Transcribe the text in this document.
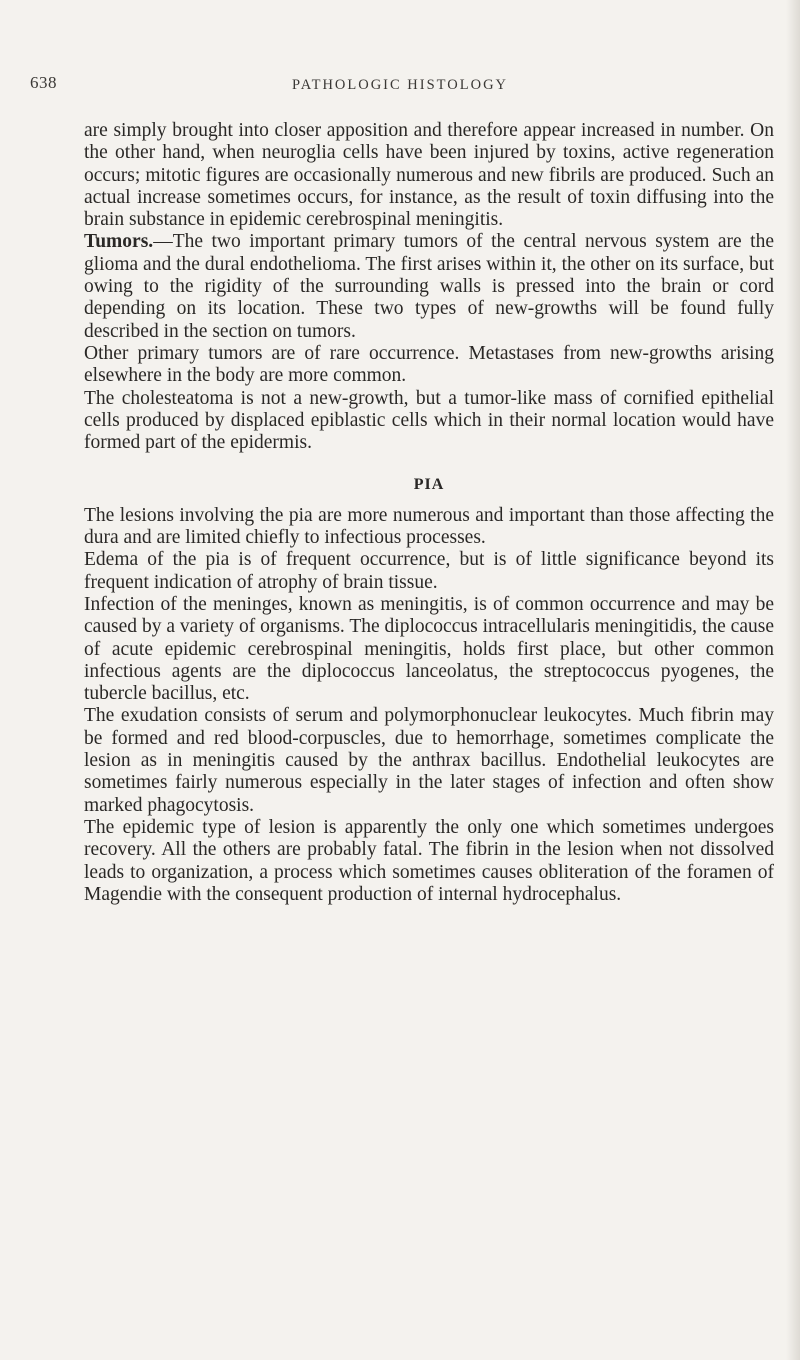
638	PATHOLOGIC HISTOLOGY

are simply brought into closer apposition and therefore appear increased in number. On the other hand, when neuroglia cells have been injured by toxins, active regeneration occurs; mitotic figures are occasionally numerous and new fibrils are produced. Such an actual increase sometimes occurs, for instance, as the result of toxin diffusing into the brain substance in epidemic cerebrospinal meningitis.

Tumors.—The two important primary tumors of the central nervous system are the glioma and the dural endothelioma. The first arises within it, the other on its surface, but owing to the rigidity of the surrounding walls is pressed into the brain or cord depending on its location. These two types of new-growths will be found fully described in the section on tumors.

Other primary tumors are of rare occurrence. Metastases from new-growths arising elsewhere in the body are more common.

The cholesteatoma is not a new-growth, but a tumor-like mass of cornified epithelial cells produced by displaced epiblastic cells which in their normal location would have formed part of the epidermis.

PIA

The lesions involving the pia are more numerous and important than those affecting the dura and are limited chiefly to infectious processes.

Edema of the pia is of frequent occurrence, but is of little significance beyond its frequent indication of atrophy of brain tissue.

Infection of the meninges, known as meningitis, is of common occurrence and may be caused by a variety of organisms. The diplococcus intracellularis meningitidis, the cause of acute epidemic cerebrospinal meningitis, holds first place, but other common infectious agents are the diplococcus lanceolatus, the streptococcus pyogenes, the tubercle bacillus, etc.

The exudation consists of serum and polymorphonuclear leukocytes. Much fibrin may be formed and red blood-corpuscles, due to hemorrhage, sometimes complicate the lesion as in meningitis caused by the anthrax bacillus. Endothelial leukocytes are sometimes fairly numerous especially in the later stages of infection and often show marked phagocytosis.

The epidemic type of lesion is apparently the only one which sometimes undergoes recovery. All the others are probably fatal. The fibrin in the lesion when not dissolved leads to organization, a process which sometimes causes obliteration of the foramen of Magendie with the consequent production of internal hydrocephalus.
